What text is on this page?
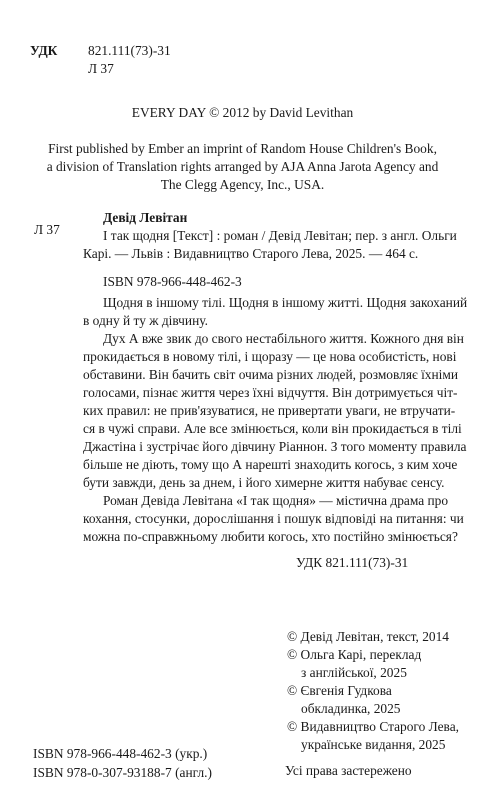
УДК 821.111(73)-31
Л 37
EVERY DAY © 2012 by David Levithan
First published by Ember an imprint of Random House Children's Book,
a division of Translation rights arranged by AJA Anna Jarota Agency and
The Clegg Agency, Inc., USA.
Л 37

Девід Левітан

І так щодня [Текст] : роман / Девід Левітан; пер. з англ. Ольги

Карі. — Львів : Видавництво Старого Лева, 2025. — 464 с.

ISBN 978-966-448-462-3

Щодня в іншому тілі. Щодня в іншому житті. Щодня закоханий
в одну й ту ж дівчину.
Дух А вже звик до свого нестабільного життя. Кожного дня він
прокидається в новому тілі, і щоразу — це нова особистість, нові
обставини. Він бачить світ очима різних людей, розмовляє їхніми
голосами, пізнає життя через їхні відчуття. Він дотримується чіт-
ких правил: не прив'язуватися, не привертати уваги, не втручати-
ся в чужі справи. Але все змінюється, коли він прокидається в тілі
Джастіна і зустрічає його дівчину Ріаннон. З того моменту правила
більше не діють, тому що А нарешті знаходить когось, з ким хоче
бути завжди, день за днем, і його химерне життя набуває сенсу.
Роман Девіда Левітана «І так щодня» — містична драма про
кохання, стосунки, дорослішання і пошук відповіді на питання: чи
можна по-справжньому любити когось, хто постійно змінюється?
УДК 821.111(73)-31
© Девід Левітан, текст, 2014
© Ольга Карі, переклад
з англійської, 2025
© Євгенія Гудкова
обкладинка, 2025
© Видавництво Старого Лева,
українське видання, 2025
ISBN 978-966-448-462-3 (укр.)
ISBN 978-0-307-93188-7 (англ.)	Усі права застережено
